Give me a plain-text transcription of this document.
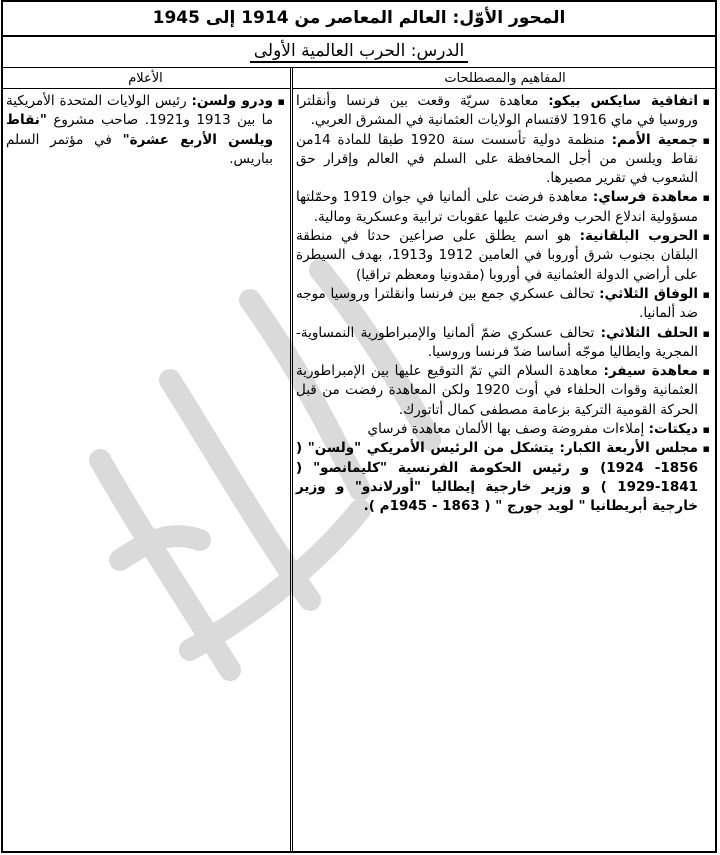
المحور الأوّل: العالم المعاصر من 1914 إلى 1945
الدرس: الحرب العالمية الأولى
المفاهيم والمصطلحات
الأعلام
▪ اتفاقية سايكس بيكو: معاهدة سريّة وقعت بين فرنسا وأنقلترا وروسيا في ماي 1916 لاقتسام الولايات العثمانية في المشرق العربي.
▪ جمعية الأمم: منظمة دولية تأسست سنة 1920 طبقا للمادة 14من نقاط ويلسن من أجل المحافظة على السلم في العالم وإقرار حق الشعوب في تقرير مصيرها.
▪ معاهدة فرساي: معاهدة فرضت على ألمانيا في جوان 1919 وحمّلتها مسؤولية اندلاع الحرب وفرضت عليها عقوبات ترابية وعسكرية ومالية.
▪ الحروب البلقانية: هو اسم يطلق على صراعين حدثا في منطقة البلقان بجنوب شرق أوروبا في العامين 1912 و1913، بهدف السيطرة على أراضي الدولة العثمانية في أوروبا (مقدونيا ومعظم تراقيا)
▪ الوفاق الثلاثي: تحالف عسكري جمع بين فرنسا وانقلترا وروسيا موجه ضد ألمانيا.
▪ الحلف الثلاثي: تحالف عسكري ضمّ ألمانيا والإمبراطورية النمساوية-المجرية وايطاليا موجّه أساسا ضدّ فرنسا وروسيا.
▪ معاهدة سيفر: معاهدة السلام التي تمّ التوقيع عليها بين الإمبراطورية العثمانية وقوات الحلفاء في أوت 1920 ولكن المعاهدة رفضت من قبل الحركة القومية التركية بزعامة مصطفى كمال أتاتورك.
▪ ديكتات: إملاءات مفروضة وصف بها الألمان معاهدة فرساي
▪ مجلس الأربعة الكبار: يتشكل من الرئيس الأمريكي "ولسن" ( 1856- 1924) و رئيس الحكومة الفرنسية "كليمانصو" ( 1841-1929 ) و وزير خارجية إيطاليا "أورلاندو" و وزير خارجية أبريطانيا " لويد جورج " ( 1863 - 1945م ).
▪ ودرو ولسن: رئيس الولايات المتحدة الأمريكية ما بين 1913 و1921. صاحب مشروع "نقاط ويلسن الأربع عشرة" في مؤتمر السلم بباريس.
